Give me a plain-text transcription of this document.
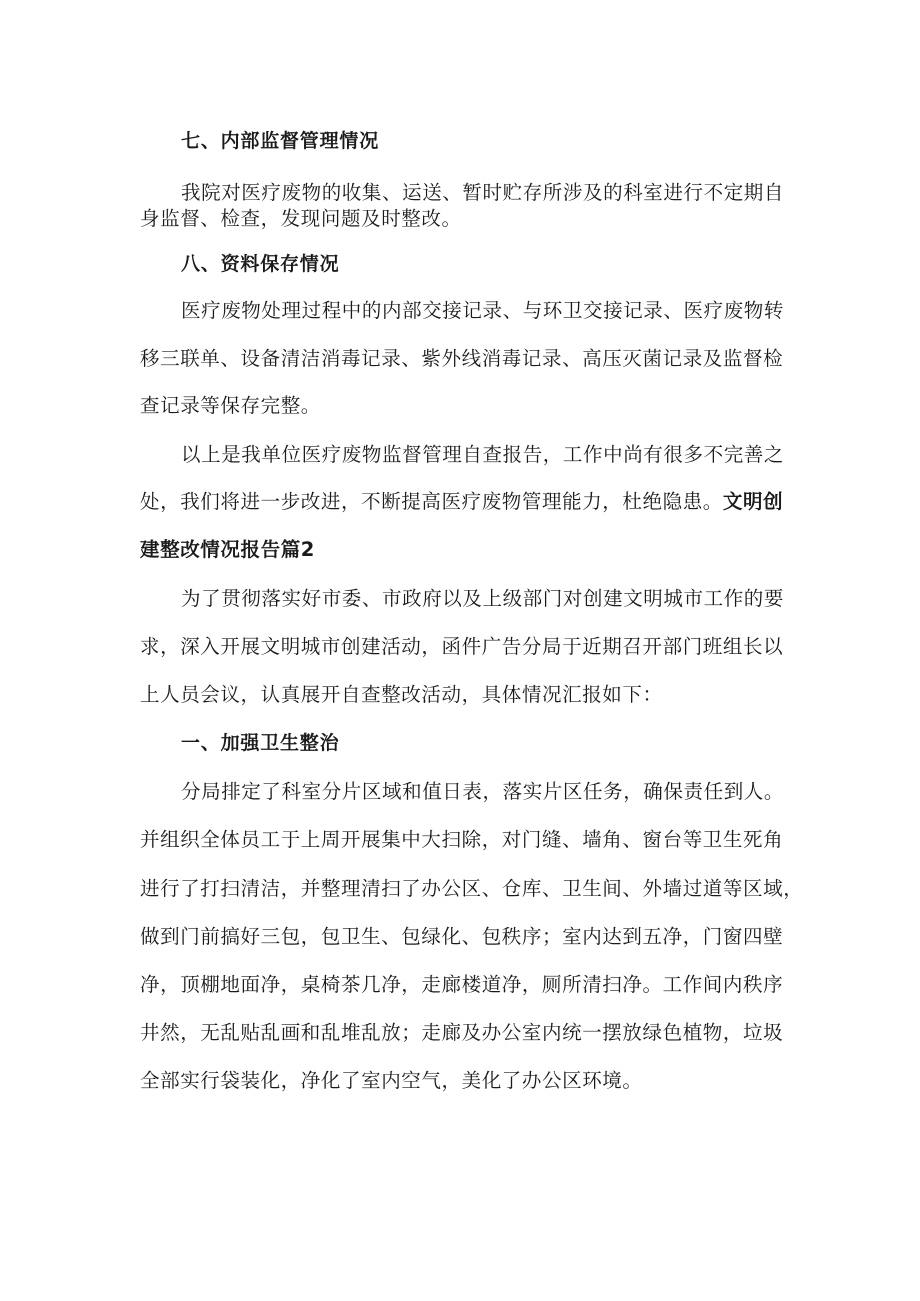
七、内部监督管理情况
我院对医疗废物的收集、运送、暂时贮存所涉及的科室进行不定期自
身监督、检查，发现问题及时整改。
八、资料保存情况
医疗废物处理过程中的内部交接记录、与环卫交接记录、医疗废物转
移三联单、设备清洁消毒记录、紫外线消毒记录、高压灭菌记录及监督检
查记录等保存完整。
以上是我单位医疗废物监督管理自查报告，工作中尚有很多不完善之
处，我们将进一步改进，不断提高医疗废物管理能力，杜绝隐患。文明创
建整改情况报告篇2
为了贯彻落实好市委、市政府以及上级部门对创建文明城市工作的要
求，深入开展文明城市创建活动，函件广告分局于近期召开部门班组长以
上人员会议，认真展开自查整改活动，具体情况汇报如下：
一、加强卫生整治
分局排定了科室分片区域和值日表，落实片区任务，确保责任到人。
并组织全体员工于上周开展集中大扫除，对门缝、墙角、窗台等卫生死角
进行了打扫清洁，并整理清扫了办公区、仓库、卫生间、外墙过道等区域，
做到门前搞好三包，包卫生、包绿化、包秩序；室内达到五净，门窗四壁
净，顶棚地面净，桌椅茶几净，走廊楼道净，厕所清扫净。工作间内秩序
井然，无乱贴乱画和乱堆乱放；走廊及办公室内统一摆放绿色植物，垃圾
全部实行袋装化，净化了室内空气，美化了办公区环境。
